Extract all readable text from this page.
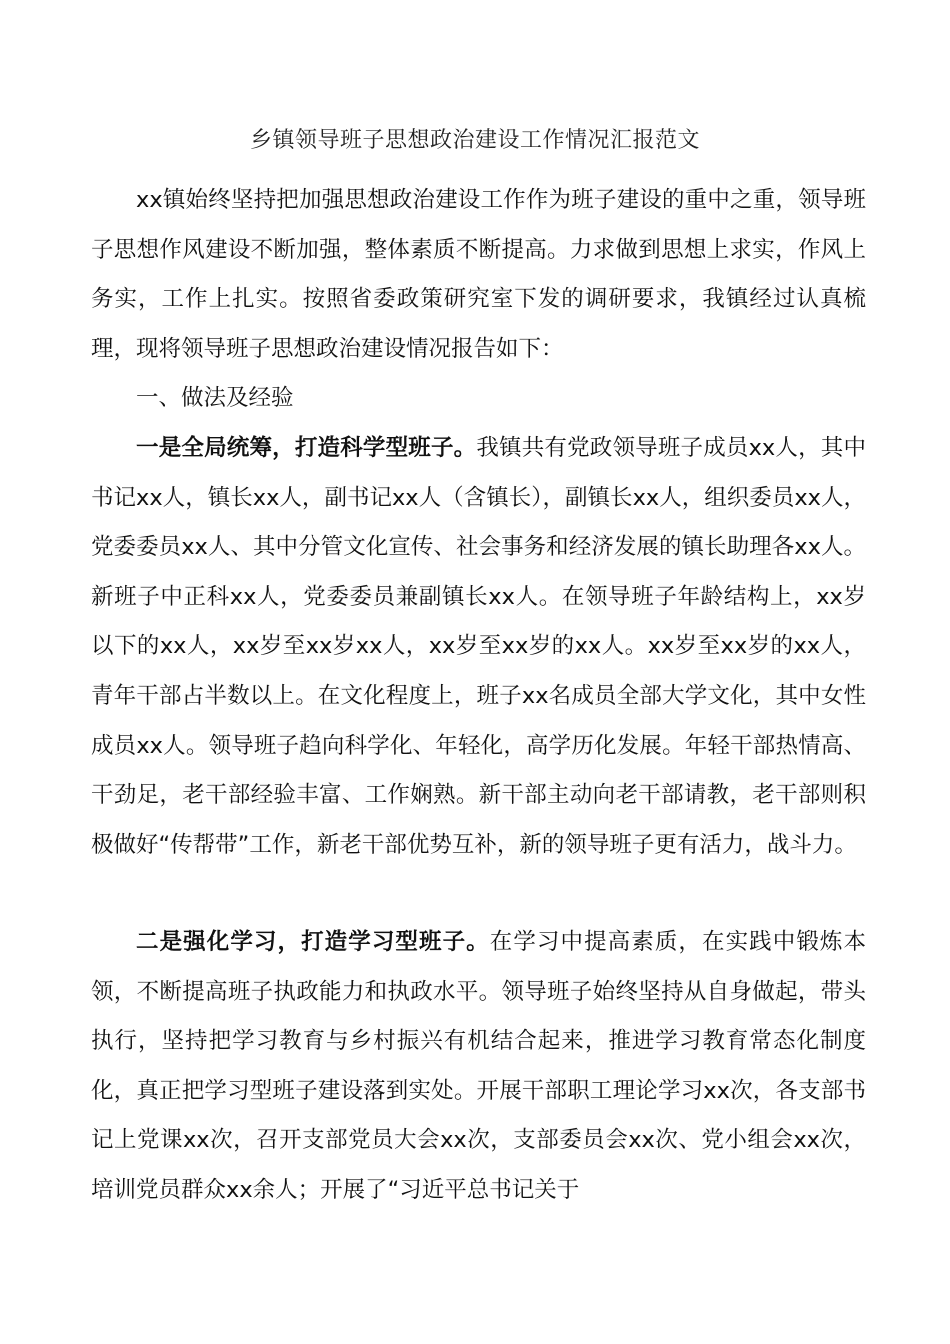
乡镇领导班子思想政治建设工作情况汇报范文

xx镇始终坚持把加强思想政治建设工作作为班子建设的重中之重，领导班子思想作风建设不断加强，整体素质不断提高。力求做到思想上求实，作风上务实，工作上扎实。按照省委政策研究室下发的调研要求，我镇经过认真梳理，现将领导班子思想政治建设情况报告如下：

一、做法及经验

一是全局统筹，打造科学型班子。我镇共有党政领导班子成员xx人，其中书记xx人，镇长xx人，副书记xx人（含镇长），副镇长xx人，组织委员xx人，党委委员xx人、其中分管文化宣传、社会事务和经济发展的镇长助理各xx人。新班子中正科xx人，党委委员兼副镇长xx人。在领导班子年龄结构上，xx岁以下的xx人，xx岁至xx岁xx人，xx岁至xx岁的xx人。xx岁至xx岁的xx人，青年干部占半数以上。在文化程度上，班子xx名成员全部大学文化，其中女性成员xx人。领导班子趋向科学化、年轻化，高学历化发展。年轻干部热情高、干劲足，老干部经验丰富、工作娴熟。新干部主动向老干部请教，老干部则积极做好“传帮带”工作，新老干部优势互补，新的领导班子更有活力，战斗力。

二是强化学习，打造学习型班子。在学习中提高素质，在实践中锻炼本领，不断提高班子执政能力和执政水平。领导班子始终坚持从自身做起，带头执行，坚持把学习教育与乡村振兴有机结合起来，推进学习教育常态化制度化，真正把学习型班子建设落到实处。开展干部职工理论学习xx次，各支部书记上党课xx次，召开支部党员大会xx次，支部委员会xx次、党小组会xx次，培训党员群众xx余人；开展了“习近平总书记关于
